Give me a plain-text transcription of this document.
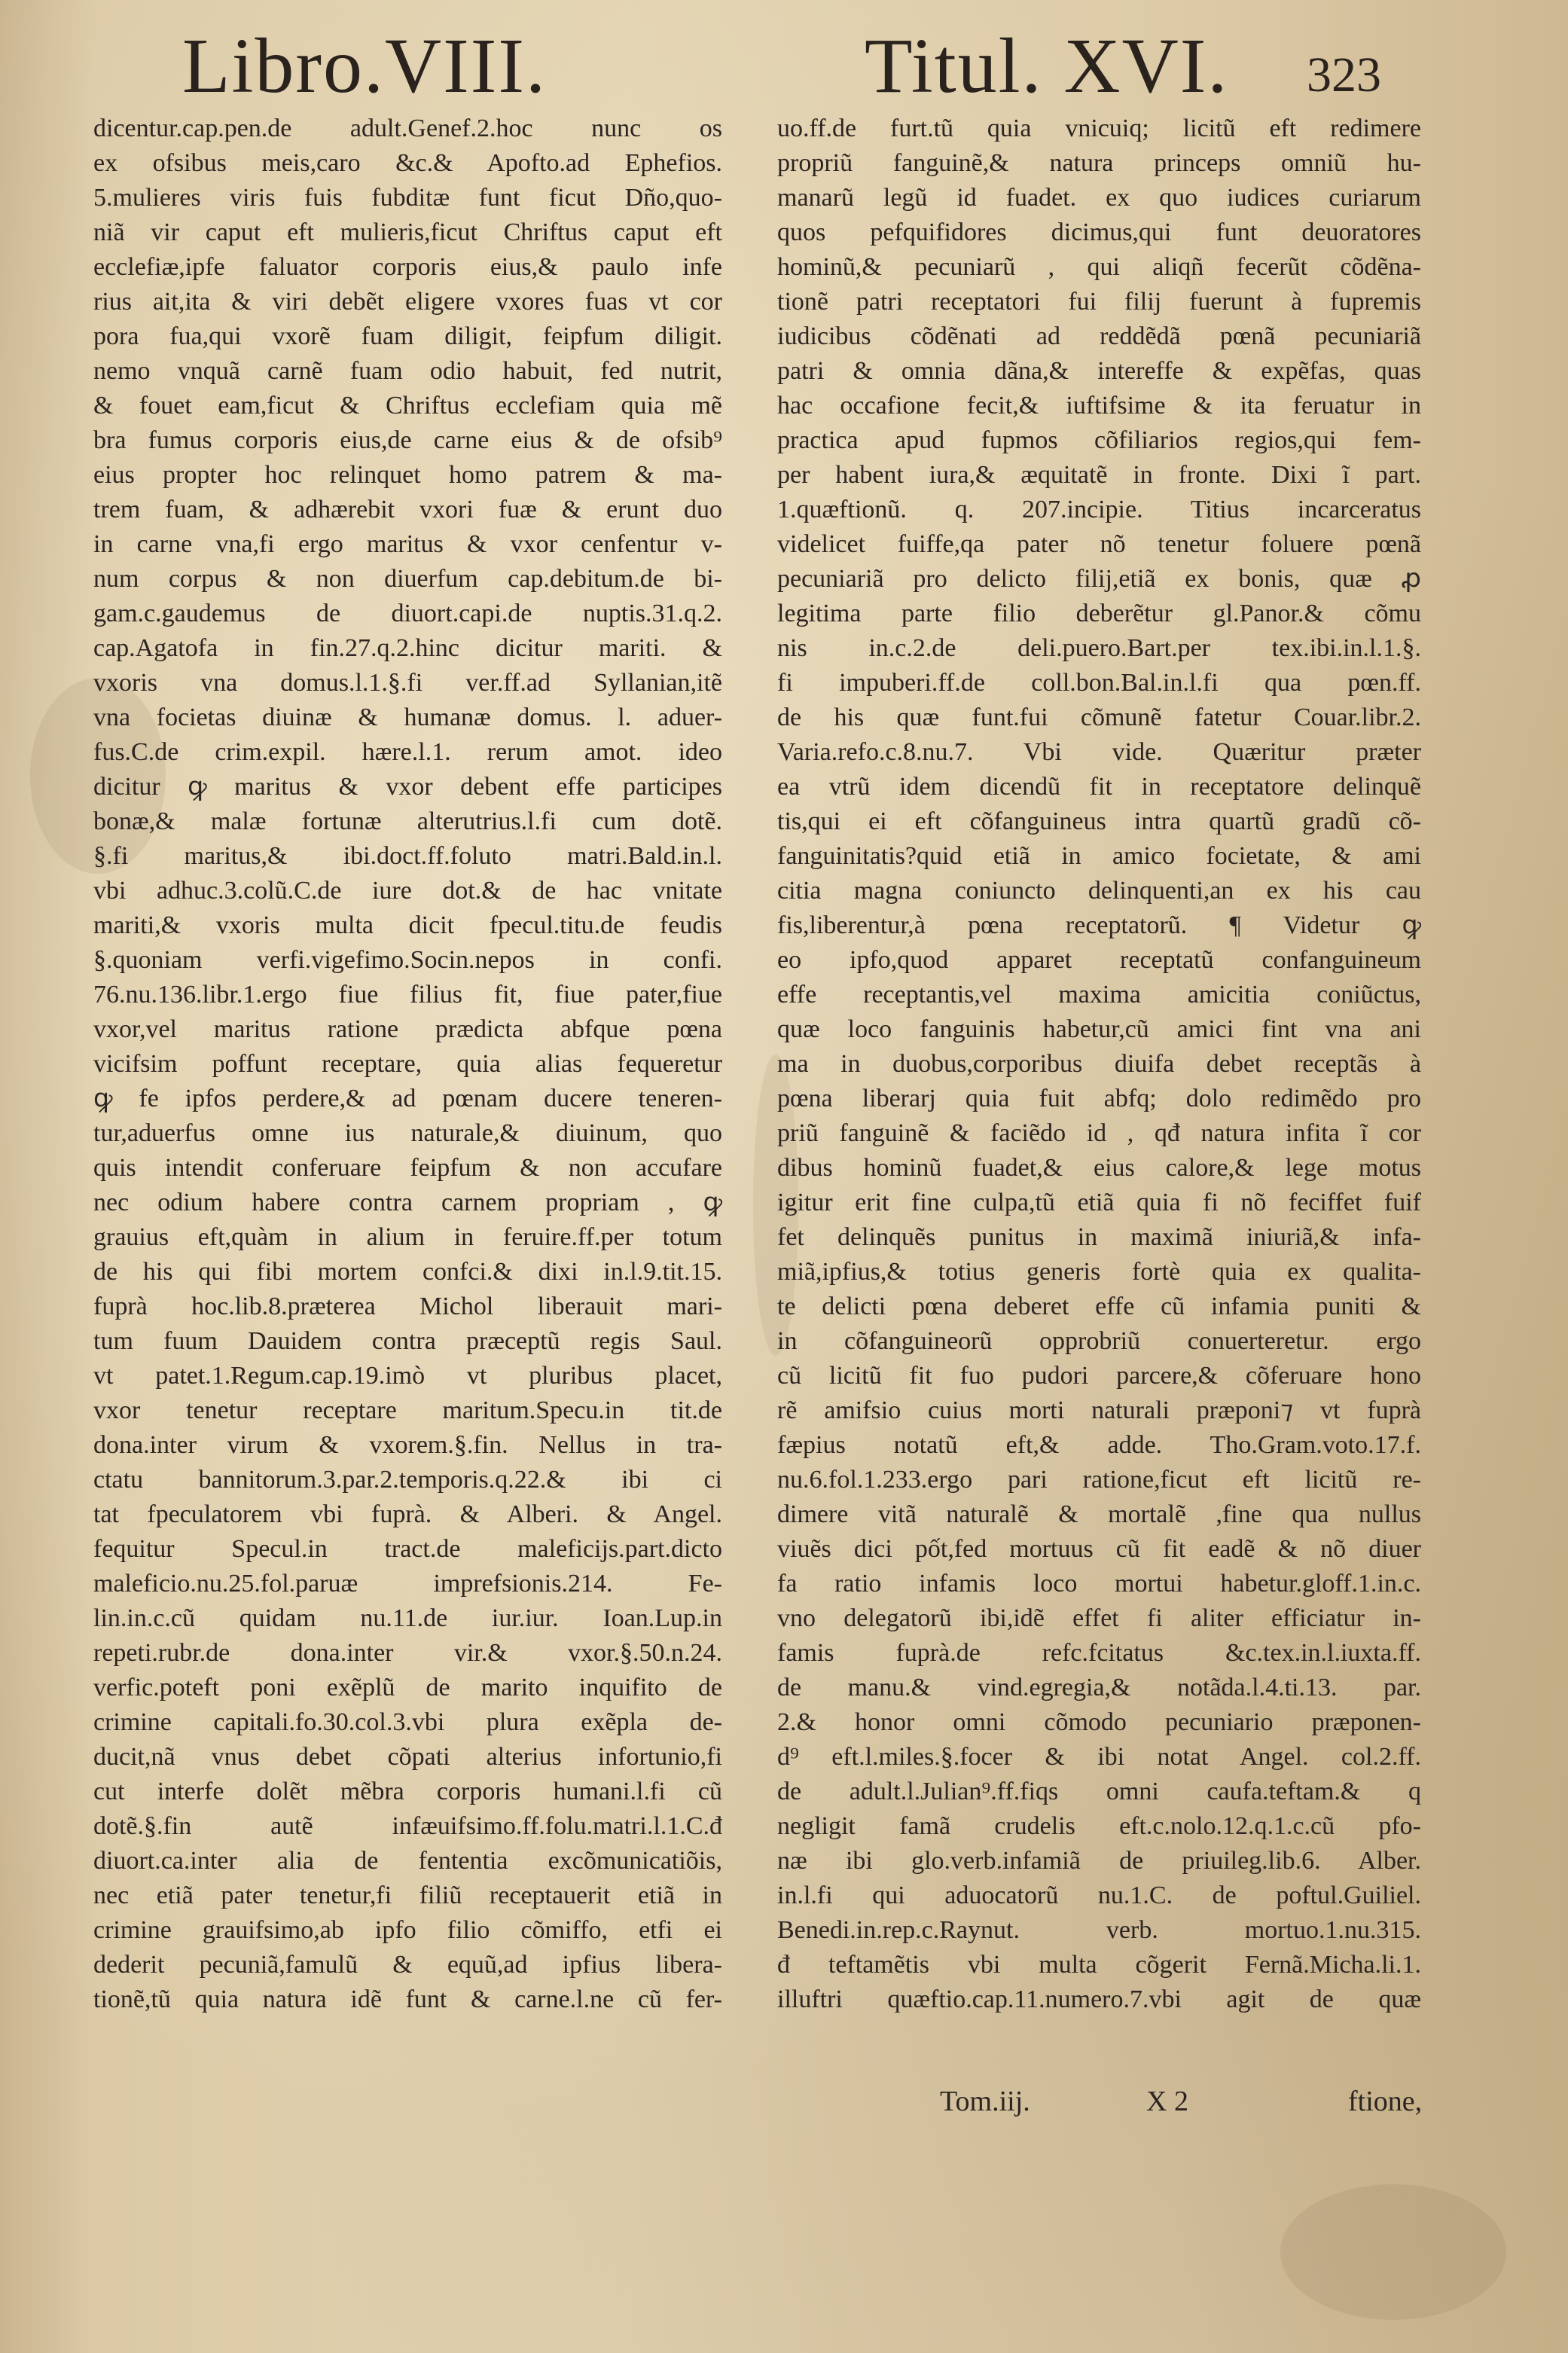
Libro.VIII.	Titul. XVI. 323
dicentur.cap.pen.de adult.Genef.2.hoc nunc os
ex ofsibus meis,caro &c.& Apofto.ad Ephefios.
5.mulieres viris fuis fubditæ funt ficut Dño,quo-
niã vir caput eft mulieris,ficut Chriftus caput eft
ecclefiæ,ipfe faluator corporis eius,& paulo infe
rius ait,ita & viri debẽt eligere vxores fuas vt cor
pora fua,qui vxorẽ fuam diligit, feipfum diligit.
nemo vnquã carnẽ fuam odio habuit, fed nutrit,
& fouet eam,ficut & Chriftus ecclefiam quia mẽ
bra fumus corporis eius,de carne eius & de ofsib⁹
eius propter hoc relinquet homo patrem & ma-
trem fuam, & adhærebit vxori fuæ & erunt duo
in carne vna,fi ergo maritus & vxor cenfentur v-
num corpus & non diuerfum cap.debitum.de bi-
gam.c.gaudemus de diuort.capi.de nuptis.31.q.2.
cap.Agatofa in fin.27.q.2.hinc dicitur mariti. &
vxoris vna domus.l.1.§.fi ver.ff.ad Syllanian,itẽ
vna focietas diuinæ & humanæ domus. l. aduer-
fus.C.de crim.expil. hære.l.1. rerum amot. ideo
dicitur ꝙ maritus & vxor debent effe participes
bonæ,& malæ fortunæ alterutrius.l.fi cum dotẽ.
§.fi maritus,& ibi.doct.ff.foluto matri.Bald.in.l.
vbi adhuc.3.colũ.C.de iure dot.& de hac vnitate
mariti,& vxoris multa dicit fpecul.titu.de feudis
§.quoniam verfi.vigefimo.Socin.nepos in confi.
76.nu.136.libr.1.ergo fiue filius fit, fiue pater,fiue
vxor,vel maritus ratione prædicta abfque pœna
vicifsim poffunt receptare, quia alias fequeretur
ꝙ fe ipfos perdere,& ad pœnam ducere teneren-
tur,aduerfus omne ius naturale,& diuinum, quo
quis intendit conferuare feipfum & non accufare
nec odium habere contra carnem propriam , ꝙ
grauius eft,quàm in alium in feruire.ff.per totum
de his qui fibi mortem confci.& dixi in.l.9.tit.15.
fuprà hoc.lib.8.præterea Michol liberauit mari-
tum fuum Dauidem contra præceptũ regis Saul.
vt patet.1.Regum.cap.19.imò vt pluribus placet,
vxor tenetur receptare maritum.Specu.in tit.de
dona.inter virum & vxorem.§.fin. Nellus in tra-
ctatu bannitorum.3.par.2.temporis.q.22.& ibi ci
tat fpeculatorem vbi fuprà. & Alberi. & Angel.
fequitur Specul.in tract.de maleficijs.part.dicto
maleficio.nu.25.fol.paruæ imprefsionis.214. Fe-
lin.in.c.cũ quidam nu.11.de iur.iur. Ioan.Lup.in
repeti.rubr.de dona.inter vir.& vxor.§.50.n.24.
verfic.poteft poni exẽplũ de marito inquifito de
crimine capitali.fo.30.col.3.vbi plura exẽpla de-
ducit,nã vnus debet cõpati alterius infortunio,fi
cut interfe dolẽt mẽbra corporis humani.l.fi cũ
dotẽ.§.fin autẽ infæuifsimo.ff.folu.matri.l.1.C.đ
diuort.ca.inter alia de fententia excõmunicatiõis,
nec etiã pater tenetur,fi filiũ receptauerit etiã in
crimine grauifsimo,ab ipfo filio cõmiffo, etfi ei
dederit pecuniã,famulũ & equũ,ad ipfius libera-
tionẽ,tũ quia natura idẽ funt & carne.l.ne cũ fer-
uo.ff.de furt.tũ quia vnicuiq; licitũ eft redimere
propriũ fanguinẽ,& natura princeps omniũ hu-
manarũ legũ id fuadet. ex quo iudices curiarum
quos pefquifidores dicimus,qui funt deuoratores
hominũ,& pecuniarũ , qui aliqñ fecerũt cõdẽna-
tionẽ patri receptatori fui filij fuerunt à fupremis
iudicibus cõdẽnati ad reddẽdã pœnã pecuniariã
patri & omnia dãna,& intereffe & expẽfas, quas
hac occafione fecit,& iuftifsime & ita feruatur in
practica apud fupmos cõfiliarios regios,qui fem-
per habent iura,& æquitatẽ in fronte. Dixi ĩ part.
1.quæftionũ. q. 207.incipie. Titius incarceratus
videlicet fuiffe,qa pater nõ tenetur foluere pœnã
pecuniariã pro delicto filij,etiã ex bonis, quæ ꝓ
legitima parte filio deberẽtur gl.Panor.& cõmu
nis in.c.2.de deli.puero.Bart.per tex.ibi.in.l.1.§.
fi impuberi.ff.de coll.bon.Bal.in.l.fi qua pœn.ff.
de his quæ funt.fui cõmunẽ fatetur Couar.libr.2.
Varia.refo.c.8.nu.7. Vbi vide. Quæritur præter
ea vtrũ idem dicendũ fit in receptatore delinquẽ
tis,qui ei eft cõfanguineus intra quartũ gradũ cõ-
fanguinitatis?quid etiã in amico focietate, & ami
citia magna coniuncto delinquenti,an ex his cau
fis,liberentur,à pœna receptatorũ. ¶ Videtur ꝙ
eo ipfo,quod apparet receptatũ confanguineum
effe receptantis,vel maxima amicitia coniũctus,
quæ loco fanguinis habetur,cũ amici fint vna ani
ma in duobus,corporibus diuifa debet receptãs à
pœna liberarj quia fuit abfq; dolo redimẽdo pro
priũ fanguinẽ & faciẽdo id , qđ natura infita ĩ cor
dibus hominũ fuadet,& eius calore,& lege motus
igitur erit fine culpa,tũ etiã quia fi nõ feciffet fuif
fet delinquẽs punitus in maximã iniuriã,& infa-
miã,ipfius,& totius generis fortè quia ex qualita-
te delicti pœna deberet effe cũ infamia puniti &
in cõfanguineorũ opprobriũ conuerteretur. ergo
cũ licitũ fit fuo pudori parcere,& cõferuare hono
rẽ amifsio cuius morti naturali præponi⁊ vt fuprà
fæpius notatũ eft,& adde. Tho.Gram.voto.17.f.
nu.6.fol.1.233.ergo pari ratione,ficut eft licitũ re-
dimere vitã naturalẽ & mortalẽ ,fine qua nullus
viuẽs dici pốt,fed mortuus cũ fit eadẽ & nõ diuer
fa ratio infamis loco mortui habetur.gloff.1.in.c.
vno delegatorũ ibi,idẽ effet fi aliter efficiatur in-
famis fuprà.de refc.fcitatus &c.tex.in.l.iuxta.ff.
de manu.& vind.egregia,& notãda.l.4.ti.13. par.
2.& honor omni cõmodo pecuniario præponen-
d⁹ eft.l.miles.§.focer & ibi notat Angel. col.2.ff.
de adult.l.Julian⁹.ff.fiqs omni caufa.teftam.& q
negligit famã crudelis eft.c.nolo.12.q.1.c.cũ pfo-
næ ibi glo.verb.infamiã de priuileg.lib.6. Alber.
in.l.fi qui aduocatorũ nu.1.C. de poftul.Guiliel.
Benedi.in.rep.c.Raynut. verb. mortuo.1.nu.315.
đ teftamẽtis vbi multa cõgerit Fernã.Micha.li.1.
illuftri quæftio.cap.11.numero.7.vbi agit de quæ
Tom.iij.	X 2	ftione,
